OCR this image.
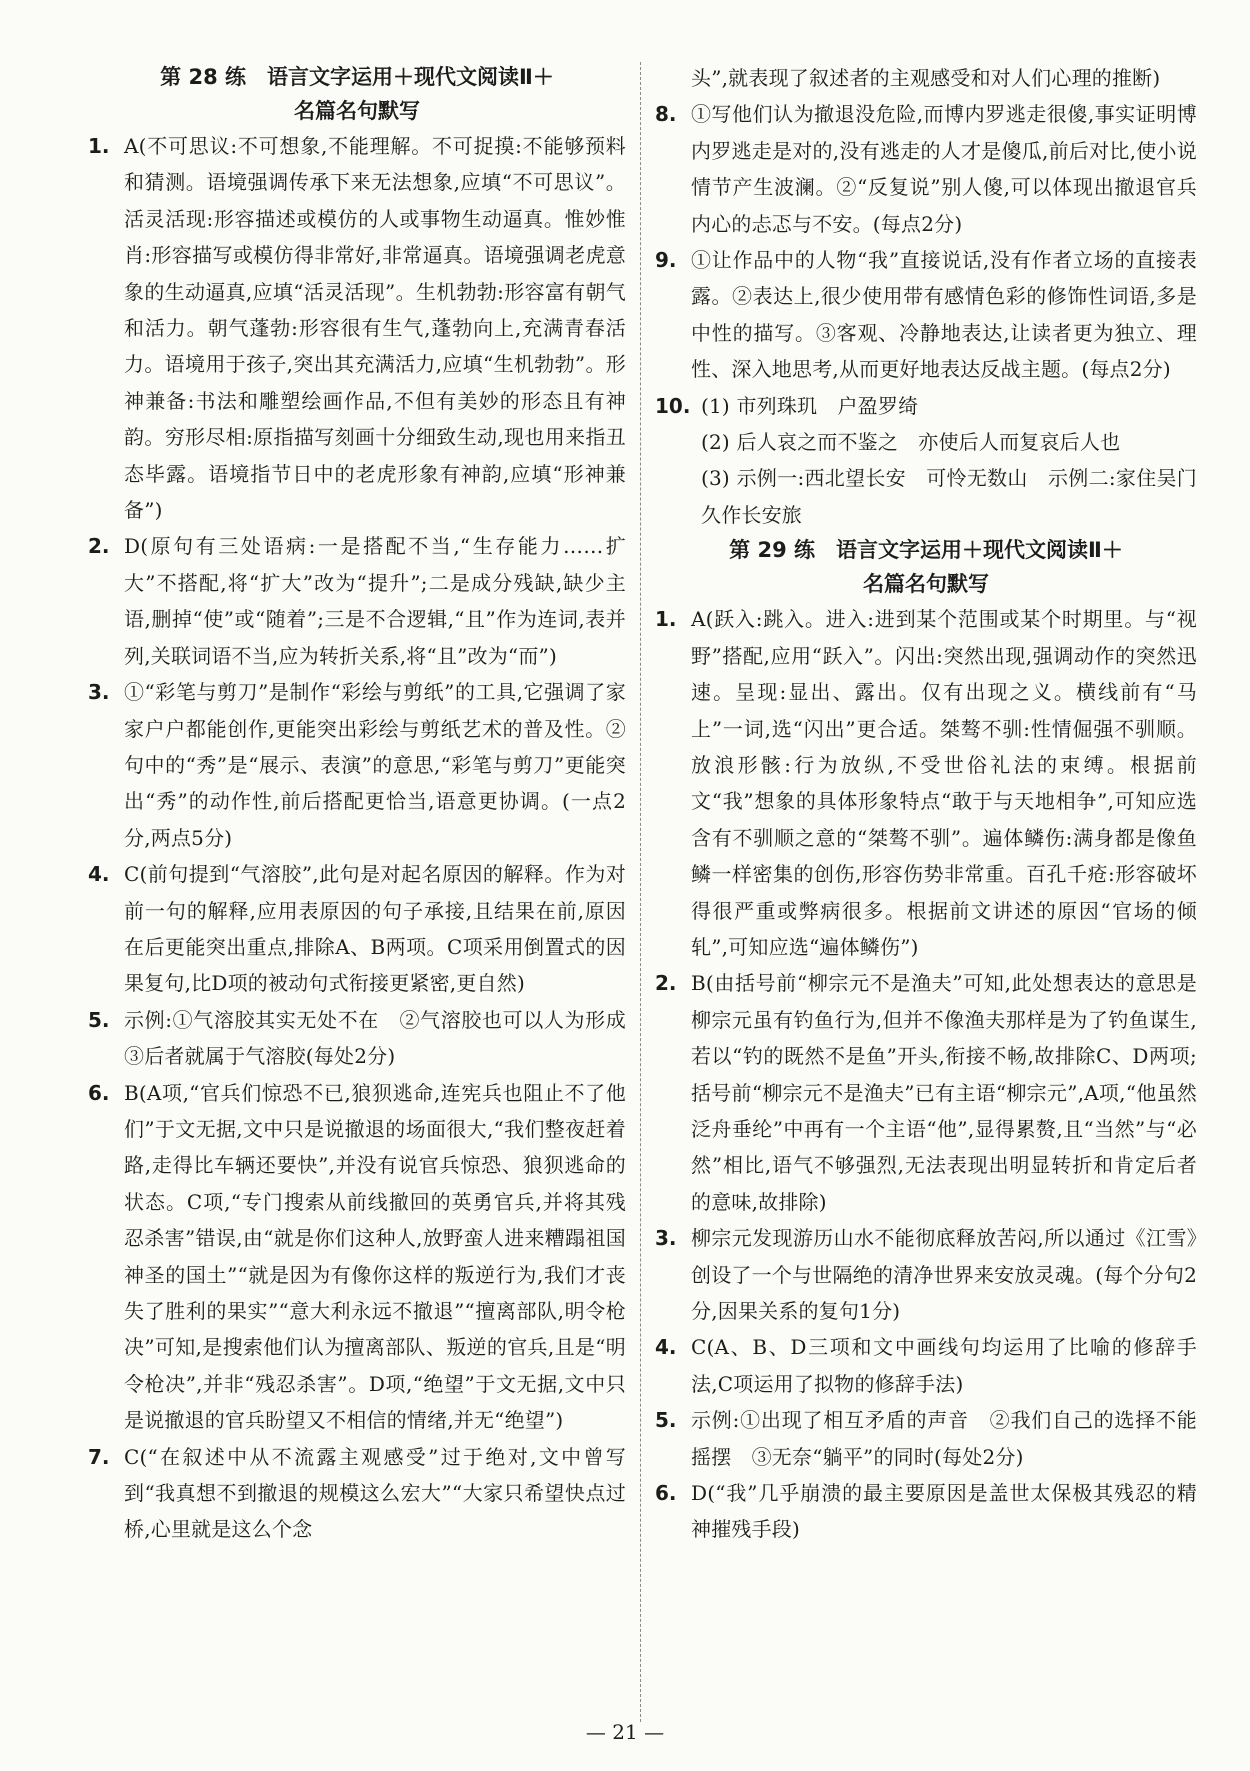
第 28 练　语言文字运用＋现代文阅读Ⅱ＋
名篇名句默写
1. A(不可思议:不可想象,不能理解。不可捉摸:不能够预料和猜测。语境强调传承下来无法想象,应填“不可思议”。活灵活现:形容描述或模仿的人或事物生动逼真。惟妙惟肖:形容描写或模仿得非常好,非常逼真。语境强调老虎意象的生动逼真,应填“活灵活现”。生机勃勃:形容富有朝气和活力。朝气蓬勃:形容很有生气,蓬勃向上,充满青春活力。语境用于孩子,突出其充满活力,应填“生机勃勃”。形神兼备:书法和雕塑绘画作品,不但有美妙的形态且有神韵。穷形尽相:原指描写刻画十分细致生动,现也用来指丑态毕露。语境指节日中的老虎形象有神韵,应填“形神兼备”)
2. D(原句有三处语病:一是搭配不当,“生存能力……扩大”不搭配,将“扩大”改为“提升”;二是成分残缺,缺少主语,删掉“使”或“随着”;三是不合逻辑,“且”作为连词,表并列,关联词语不当,应为转折关系,将“且”改为“而”)
3. ①“彩笔与剪刀”是制作“彩绘与剪纸”的工具,它强调了家家户户都能创作,更能突出彩绘与剪纸艺术的普及性。②句中的“秀”是“展示、表演”的意思,“彩笔与剪刀”更能突出“秀”的动作性,前后搭配更恰当,语意更协调。(一点2分,两点5分)
4. C(前句提到“气溶胶”,此句是对起名原因的解释。作为对前一句的解释,应用表原因的句子承接,且结果在前,原因在后更能突出重点,排除A、B两项。C项采用倒置式的因果复句,比D项的被动句式衔接更紧密,更自然)
5. 示例:①气溶胶其实无处不在　②气溶胶也可以人为形成　③后者就属于气溶胶(每处2分)
6. B(A项,“官兵们惊恐不已,狼狈逃命,连宪兵也阻止不了他们”于文无据,文中只是说撤退的场面很大,“我们整夜赶着路,走得比车辆还要快”,并没有说官兵惊恐、狼狈逃命的状态。C项,“专门搜索从前线撤回的英勇官兵,并将其残忍杀害”错误,由“就是你们这种人,放野蛮人进来糟蹋祖国神圣的国土”“就是因为有像你这样的叛逆行为,我们才丧失了胜利的果实”“意大利永远不撤退”“擅离部队,明令枪决”可知,是搜索他们认为擅离部队、叛逆的官兵,且是“明令枪决”,并非“残忍杀害”。D项,“绝望”于文无据,文中只是说撤退的官兵盼望又不相信的情绪,并无“绝望”)
7. C(“在叙述中从不流露主观感受”过于绝对,文中曾写到“我真想不到撤退的规模这么宏大”“大家只希望快点过桥,心里就是这么个念
头”,就表现了叙述者的主观感受和对人们心理的推断)
8. ①写他们认为撤退没危险,而博内罗逃走很傻,事实证明博内罗逃走是对的,没有逃走的人才是傻瓜,前后对比,使小说情节产生波澜。②“反复说”别人傻,可以体现出撤退官兵内心的忐忑与不安。(每点2分)
9. ①让作品中的人物“我”直接说话,没有作者立场的直接表露。②表达上,很少使用带有感情色彩的修饰性词语,多是中性的描写。③客观、冷静地表达,让读者更为独立、理性、深入地思考,从而更好地表达反战主题。(每点2分)
10. (1) 市列珠玑　户盈罗绮
(2) 后人哀之而不鉴之　亦使后人而复哀后人也
(3) 示例一:西北望长安　可怜无数山　示例二:家住吴门　久作长安旅
第 29 练　语言文字运用＋现代文阅读Ⅱ＋
名篇名句默写
1. A(跃入:跳入。进入:进到某个范围或某个时期里。与“视野”搭配,应用“跃入”。闪出:突然出现,强调动作的突然迅速。呈现:显出、露出。仅有出现之义。横线前有“马上”一词,选“闪出”更合适。桀骜不驯:性情倔强不驯顺。放浪形骸:行为放纵,不受世俗礼法的束缚。根据前文“我”想象的具体形象特点“敢于与天地相争”,可知应选含有不驯顺之意的“桀骜不驯”。遍体鳞伤:满身都是像鱼鳞一样密集的创伤,形容伤势非常重。百孔千疮:形容破坏得很严重或弊病很多。根据前文讲述的原因“官场的倾轧”,可知应选“遍体鳞伤”)
2. B(由括号前“柳宗元不是渔夫”可知,此处想表达的意思是柳宗元虽有钓鱼行为,但并不像渔夫那样是为了钓鱼谋生,若以“钓的既然不是鱼”开头,衔接不畅,故排除C、D两项;括号前“柳宗元不是渔夫”已有主语“柳宗元”,A项,“他虽然泛舟垂纶”中再有一个主语“他”,显得累赘,且“当然”与“必然”相比,语气不够强烈,无法表现出明显转折和肯定后者的意味,故排除)
3. 柳宗元发现游历山水不能彻底释放苦闷,所以通过《江雪》创设了一个与世隔绝的清净世界来安放灵魂。(每个分句2分,因果关系的复句1分)
4. C(A、B、D三项和文中画线句均运用了比喻的修辞手法,C项运用了拟物的修辞手法)
5. 示例:①出现了相互矛盾的声音　②我们自己的选择不能摇摆　③无奈“躺平”的同时(每处2分)
6. D(“我”几乎崩溃的最主要原因是盖世太保极其残忍的精神摧残手段)
— 21 —
